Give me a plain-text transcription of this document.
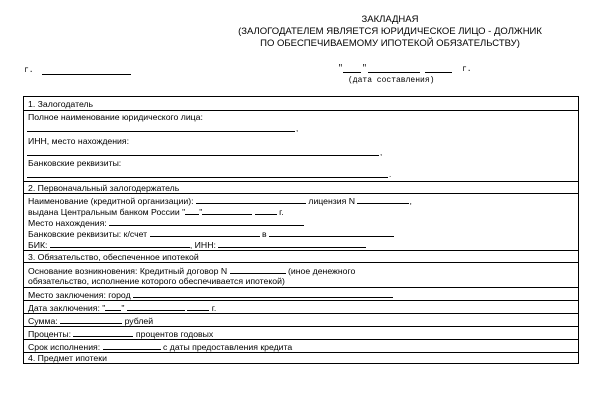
ЗАКЛАДНАЯ
(ЗАЛОГОДАТЕЛЕМ ЯВЛЯЕТСЯ ЮРИДИЧЕСКОЕ ЛИЦО - ДОЛЖНИК
ПО ОБЕСПЕЧИВАЕМОМУ ИПОТЕКОЙ ОБЯЗАТЕЛЬСТВУ)
г.	" "	г.
(дата составления)
1. Залогодатель
Полное наименование юридического лица:
,
ИНН, место нахождения:
,
Банковские реквизиты:
.
2. Первоначальный залогодержатель
Наименование (кредитной организации):	лицензия N	,
выдана Центральным банком России " "	г.
Место нахождения:
Банковские реквизиты: к/счет	в
БИК:	, ИНН:
3. Обязательство, обеспеченное ипотекой
Основание возникновения: Кредитный договор N	(иное денежного
обязательство, исполнение которого обеспечивается ипотекой)
Место заключения: город
Дата заключения: " "	г.
Сумма:	рублей
Проценты:	процентов годовых
Срок исполнения:	с даты предоставления кредита
4. Предмет ипотеки
